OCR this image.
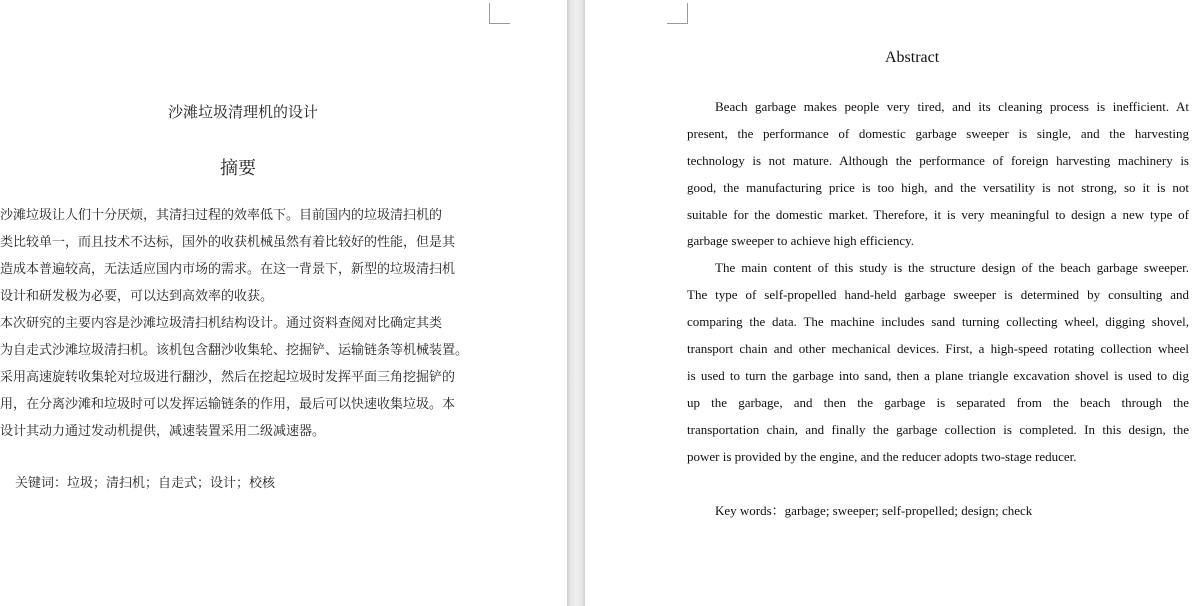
沙滩垃圾清理机的设计
摘要
沙滩垃圾让人们十分厌烦，其清扫过程的效率低下。目前国内的垃圾清扫机的
类比较单一，而且技术不达标，国外的收获机械虽然有着比较好的性能，但是其
造成本普遍较高，无法适应国内市场的需求。在这一背景下，新型的垃圾清扫机
设计和研发极为必要，可以达到高效率的收获。
本次研究的主要内容是沙滩垃圾清扫机结构设计。通过资料查阅对比确定其类
为自走式沙滩垃圾清扫机。该机包含翻沙收集轮、挖掘铲、运输链条等机械装置。
采用高速旋转收集轮对垃圾进行翻沙，然后在挖起垃圾时发挥平面三角挖掘铲的
用，在分离沙滩和垃圾时可以发挥运输链条的作用，最后可以快速收集垃圾。本
设计其动力通过发动机提供，减速装置采用二级减速器。
关键词：垃圾；清扫机；自走式；设计；校核
Abstract
Beach garbage makes people very tired, and its cleaning process is inefficient. At
present, the performance of domestic garbage sweeper is single, and the harvesting
technology is not mature. Although the performance of foreign harvesting machinery is
good, the manufacturing price is too high, and the versatility is not strong, so it is not
suitable for the domestic market. Therefore, it is very meaningful to design a new type of
garbage sweeper to achieve high efficiency.
The main content of this study is the structure design of the beach garbage sweeper.
The type of self-propelled hand-held garbage sweeper is determined by consulting and
comparing the data. The machine includes sand turning collecting wheel, digging shovel,
transport chain and other mechanical devices. First, a high-speed rotating collection wheel
is used to turn the garbage into sand, then a plane triangle excavation shovel is used to dig
up the garbage, and then the garbage is separated from the beach through the
transportation chain, and finally the garbage collection is completed. In this design, the
power is provided by the engine, and the reducer adopts two-stage reducer.
Key words：garbage; sweeper; self-propelled; design; check
